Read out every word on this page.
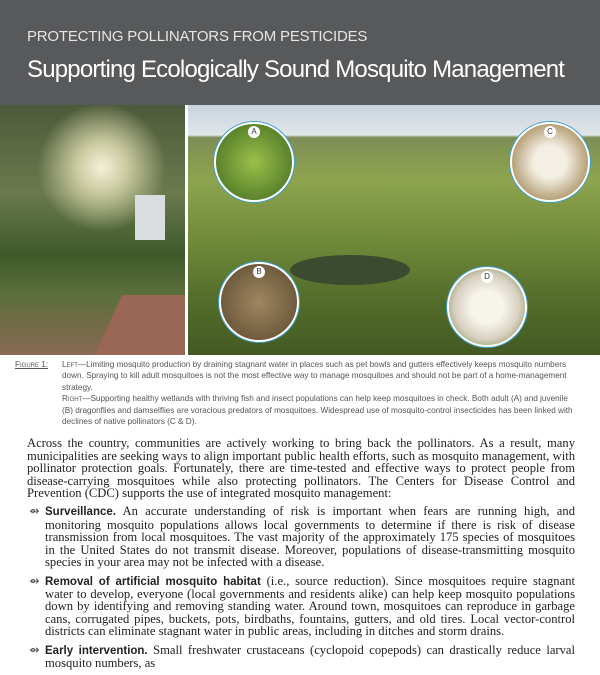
PROTECTING POLLINATORS FROM PESTICIDES
Supporting Ecologically Sound Mosquito Management
A
B
C
D
Figure 1:	Left—Limiting mosquito production by draining stagnant water in places such as pet bowls and gutters effectively keeps mosquito numbers down. Spraying to kill adult mosquitoes is not the most effective way to manage mosquitoes and should not be part of a home-management strategy.
Right—Supporting healthy wetlands with thriving fish and insect populations can help keep mosquitoes in check. Both adult (A) and juvenile (B) dragonflies and damselflies are voracious predators of mosquitoes. Widespread use of mosquito-control insecticides has been linked with declines of native pollinators (C & D).

Across the country, communities are actively working to bring back the pollinators. As a result, many municipalities are seeking ways to align important public health efforts, such as mosquito management, with pollinator protection goals. Fortunately, there are time-tested and effective ways to protect people from disease-carrying mosquitoes while also protecting pollinators. The Centers for Disease Control and Prevention (CDC) supports the use of integrated mosquito management:

⇴ Surveillance. An accurate understanding of risk is important when fears are running high, and monitoring mosquito populations allows local governments to determine if there is risk of disease transmission from local mosquitoes. The vast majority of the approximately 175 species of mosquitoes in the United States do not transmit disease. Moreover, populations of disease-transmitting mosquito species in your area may not be infected with a disease.
⇴ Removal of artificial mosquito habitat (i.e., source reduction). Since mosquitoes require stagnant water to develop, everyone (local governments and residents alike) can help keep mosquito populations down by identifying and removing standing water. Around town, mosquitoes can reproduce in garbage cans, corrugated pipes, buckets, pots, birdbaths, fountains, gutters, and old tires. Local vector-control districts can eliminate stagnant water in public areas, including in ditches and storm drains.
⇴ Early intervention. Small freshwater crustaceans (cyclopoid copepods) can drastically reduce larval mosquito numbers, as
